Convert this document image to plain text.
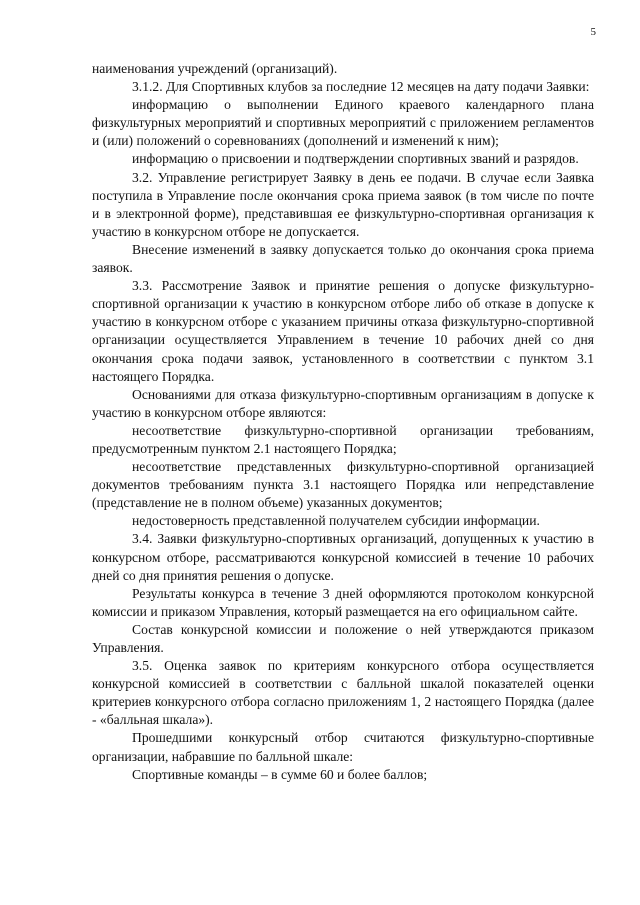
5

наименования учреждений (организаций).

3.1.2. Для Спортивных клубов за последние 12 месяцев на дату подачи Заявки:

информацию о выполнении Единого краевого календарного плана физкультурных мероприятий и спортивных мероприятий с приложением регламентов и (или) положений о соревнованиях (дополнений и изменений к ним);

информацию о присвоении и подтверждении спортивных званий и разрядов.

3.2. Управление регистрирует Заявку в день ее подачи. В случае если Заявка поступила в Управление после окончания срока приема заявок (в том числе по почте и в электронной форме), представившая ее физкультурно-спортивная организация к участию в конкурсном отборе не допускается.

Внесение изменений в заявку допускается только до окончания срока приема заявок.

3.3. Рассмотрение Заявок и принятие решения о допуске физкультурно-спортивной организации к участию в конкурсном отборе либо об отказе в допуске к участию в конкурсном отборе с указанием причины отказа физкультурно-спортивной организации осуществляется Управлением в течение 10 рабочих дней со дня окончания срока подачи заявок, установленного в соответствии с пунктом 3.1 настоящего Порядка.

Основаниями для отказа физкультурно-спортивным организациям в допуске к участию в конкурсном отборе являются:

несоответствие физкультурно-спортивной организации требованиям, предусмотренным пунктом 2.1 настоящего Порядка;

несоответствие представленных физкультурно-спортивной организацией документов требованиям пункта 3.1 настоящего Порядка или непредставление (представление не в полном объеме) указанных документов;

недостоверность представленной получателем субсидии информации.

3.4. Заявки физкультурно-спортивных организаций, допущенных к участию в конкурсном отборе, рассматриваются конкурсной комиссией в течение 10 рабочих дней со дня принятия решения о допуске.

Результаты конкурса в течение 3 дней оформляются протоколом конкурсной комиссии и приказом Управления, который размещается на его официальном сайте.

Состав конкурсной комиссии и положение о ней утверждаются приказом Управления.

3.5. Оценка заявок по критериям конкурсного отбора осуществляется конкурсной комиссией в соответствии с балльной шкалой показателей оценки критериев конкурсного отбора согласно приложениям 1, 2 настоящего Порядка (далее - «балльная шкала»).

Прошедшими конкурсный отбор считаются физкультурно-спортивные организации, набравшие по балльной шкале:

Спортивные команды – в сумме 60 и более баллов;
